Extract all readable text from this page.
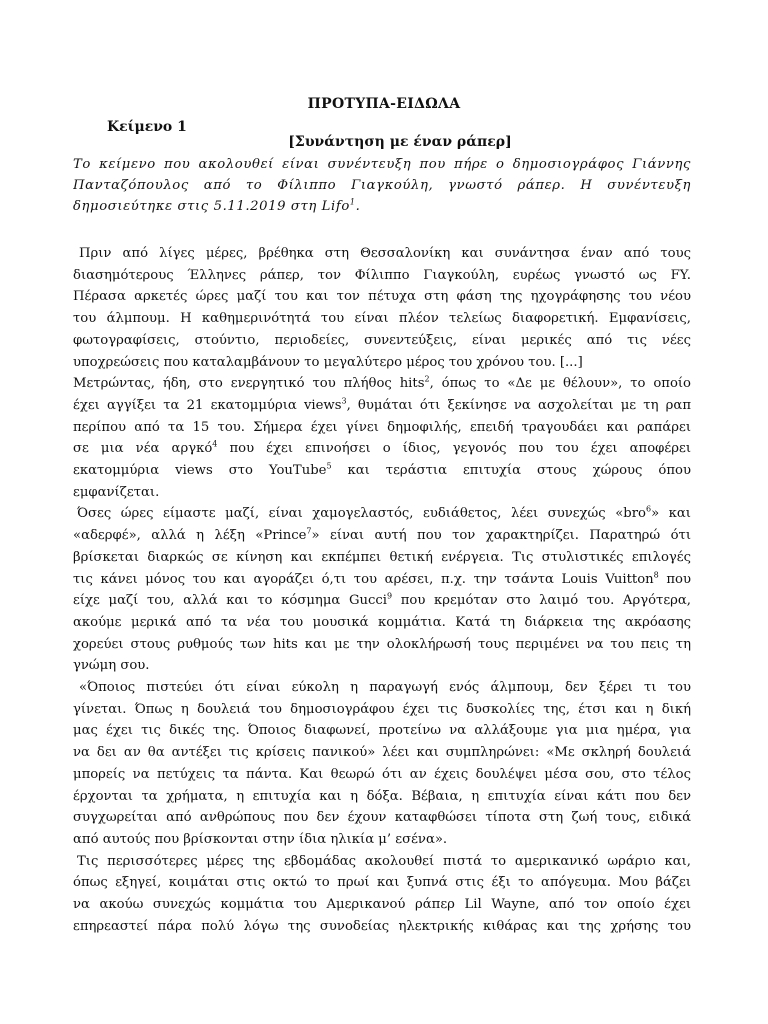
ΠΡΟΤΥΠΑ-ΕΙΔΩΛΑ
Κείμενο 1
[Συνάντηση με έναν ράπερ]
Το κείμενο που ακολουθεί είναι συνέντευξη που πήρε ο δημοσιογράφος Γιάννης
Πανταζόπουλος από το Φίλιππο Γιαγκούλη, γνωστό ράπερ. Η συνέντευξη
δημοσιεύτηκε στις 5.11.2019 στη Lifo$^1$.
Πριν από λίγες μέρες, βρέθηκα στη Θεσσαλονίκη και συνάντησα έναν από τους
διασημότερους Έλληνες ράπερ, τον Φίλιππο Γιαγκούλη, ευρέως γνωστό ως FY.
Πέρασα αρκετές ώρες μαζί του και τον πέτυχα στη φάση της ηχογράφησης του νέου
του άλμπουμ. Η καθημερινότητά του είναι πλέον τελείως διαφορετική. Εμφανίσεις,
φωτογραφίσεις, στούντιο, περιοδείες, συνεντεύξεις, είναι μερικές από τις νέες
υποχρεώσεις που καταλαμβάνουν το μεγαλύτερο μέρος του χρόνου του. [...]
Μετρώντας, ήδη, στο ενεργητικό του πλήθος hits$^2$, όπως το «Δε με θέλουν», το οποίο
έχει αγγίξει τα 21 εκατομμύρια views$^3$, θυμάται ότι ξεκίνησε να ασχολείται με τη ραπ
περίπου από τα 15 του. Σήμερα έχει γίνει δημοφιλής, επειδή τραγουδάει και ραπάρει
σε μια νέα αργκό$^4$ που έχει επινοήσει ο ίδιος, γεγονός που του έχει αποφέρει
εκατομμύρια views στο YouTube$^5$ και τεράστια επιτυχία στους χώρους όπου
εμφανίζεται.
Όσες ώρες είμαστε μαζί, είναι χαμογελαστός, ευδιάθετος, λέει συνεχώς «bro$^6$» και
«αδερφέ», αλλά η λέξη «Prince$^7$» είναι αυτή που τον χαρακτηρίζει. Παρατηρώ ότι
βρίσκεται διαρκώς σε κίνηση και εκπέμπει θετική ενέργεια. Τις στυλιστικές επιλογές
τις κάνει μόνος του και αγοράζει ό,τι του αρέσει, π.χ. την τσάντα Louis Vuitton$^8$ που
είχε μαζί του, αλλά και το κόσμημα Gucci$^9$ που κρεμόταν στο λαιμό του. Αργότερα,
ακούμε μερικά από τα νέα του μουσικά κομμάτια. Κατά τη διάρκεια της ακρόασης
χορεύει στους ρυθμούς των hits και με την ολοκλήρωσή τους περιμένει να του πεις τη
γνώμη σου.
«Όποιος πιστεύει ότι είναι εύκολη η παραγωγή ενός άλμπουμ, δεν ξέρει τι του
γίνεται. Όπως η δουλειά του δημοσιογράφου έχει τις δυσκολίες της, έτσι και η δική
μας έχει τις δικές της. Όποιος διαφωνεί, προτείνω να αλλάξουμε για μια ημέρα, για
να δει αν θα αντέξει τις κρίσεις πανικού» λέει και συμπληρώνει: «Με σκληρή δουλειά
μπορείς να πετύχεις τα πάντα. Και θεωρώ ότι αν έχεις δουλέψει μέσα σου, στο τέλος
έρχονται τα χρήματα, η επιτυχία και η δόξα. Βέβαια, η επιτυχία είναι κάτι που δεν
συγχωρείται από ανθρώπους που δεν έχουν καταφθώσει τίποτα στη ζωή τους, ειδικά
από αυτούς που βρίσκονται στην ίδια ηλικία μ’ εσένα».
Τις περισσότερες μέρες της εβδομάδας ακολουθεί πιστά το αμερικανικό ωράριο και,
όπως εξηγεί, κοιμάται στις οκτώ το πρωί και ξυπνά στις έξι το απόγευμα. Μου βάζει
να ακούω συνεχώς κομμάτια του Αμερικανού ράπερ Lil Wayne, από τον οποίο έχει
επηρεαστεί πάρα πολύ λόγω της συνοδείας ηλεκτρικής κιθάρας και της χρήσης του
